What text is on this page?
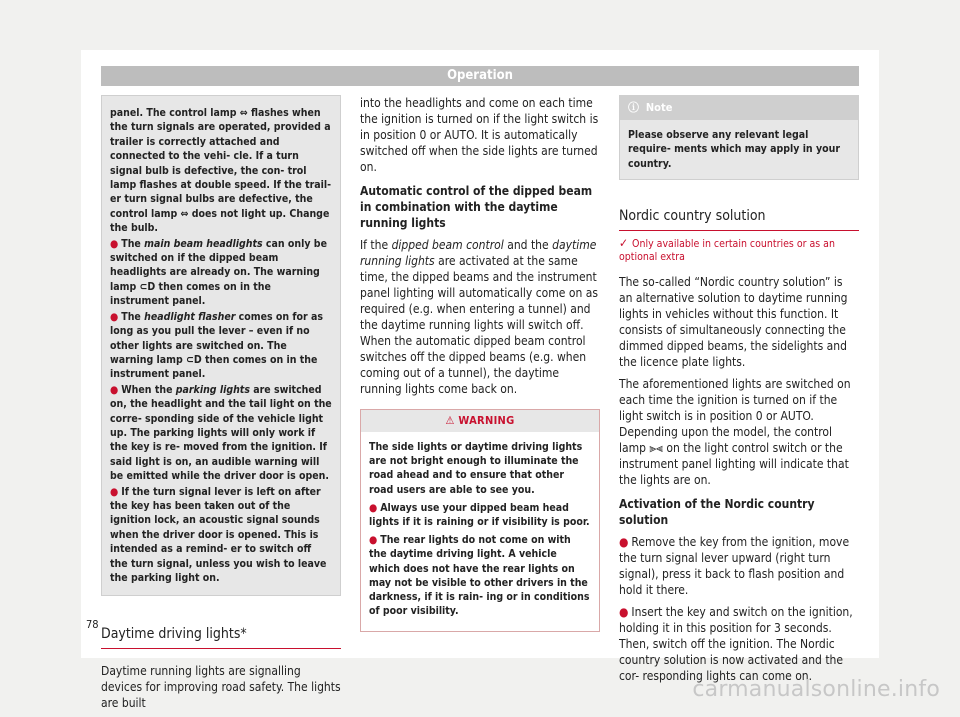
Operation

panel. The control lamp ⇔ flashes when the turn signals are operated, provided a trailer is correctly attached and connected to the vehi- cle. If a turn signal bulb is defective, the con- trol lamp flashes at double speed. If the trail- er turn signal bulbs are defective, the control lamp ⇔ does not light up. Change the bulb.

● The main beam headlights can only be switched on if the dipped beam headlights are already on. The warning lamp ⊂D then comes on in the instrument panel.

● The headlight flasher comes on for as long as you pull the lever – even if no other lights are switched on. The warning lamp ⊂D then comes on in the instrument panel.

● When the parking lights are switched on, the headlight and the tail light on the corre- sponding side of the vehicle light up. The parking lights will only work if the key is re- moved from the ignition. If said light is on, an audible warning will be emitted while the driver door is open.

● If the turn signal lever is left on after the key has been taken out of the ignition lock, an acoustic signal sounds when the driver door is opened. This is intended as a remind- er to switch off the turn signal, unless you wish to leave the parking light on.

Daytime driving lights*

Daytime running lights are signalling devices for improving road safety. The lights are built

into the headlights and come on each time the ignition is turned on if the light switch is in position 0 or AUTO. It is automatically switched off when the side lights are turned on.

Automatic control of the dipped beam in combination with the daytime running lights

If the dipped beam control and the daytime running lights are activated at the same time, the dipped beams and the instrument panel lighting will automatically come on as required (e.g. when entering a tunnel) and the daytime running lights will switch off. When the automatic dipped beam control switches off the dipped beams (e.g. when coming out of a tunnel), the daytime running lights come back on.

⚠ WARNING

The side lights or daytime driving lights are not bright enough to illuminate the road ahead and to ensure that other road users are able to see you.

● Always use your dipped beam head lights if it is raining or if visibility is poor.

● The rear lights do not come on with the daytime driving light. A vehicle which does not have the rear lights on may not be visible to other drivers in the darkness, if it is rain- ing or in conditions of poor visibility.

ⓘ Note
Please observe any relevant legal require- ments which may apply in your country.
Nordic country solution

✓ Only available in certain countries or as an optional extra

The so-called “Nordic country solution” is an alternative solution to daytime running lights in vehicles without this function. It consists of simultaneously connecting the dimmed dipped beams, the sidelights and the licence plate lights.

The aforementioned lights are switched on each time the ignition is turned on if the light switch is in position 0 or AUTO. Depending upon the model, the control lamp ⫸⫷ on the light control switch or the instrument panel lighting will indicate that the lights are on.

Activation of the Nordic country solution

● Remove the key from the ignition, move the turn signal lever upward (right turn signal), press it back to flash position and hold it there.

● Insert the key and switch on the ignition, holding it in this position for 3 seconds. Then, switch off the ignition. The Nordic country solution is now activated and the cor- responding lights can come on.

78
carmanualsonline.info
